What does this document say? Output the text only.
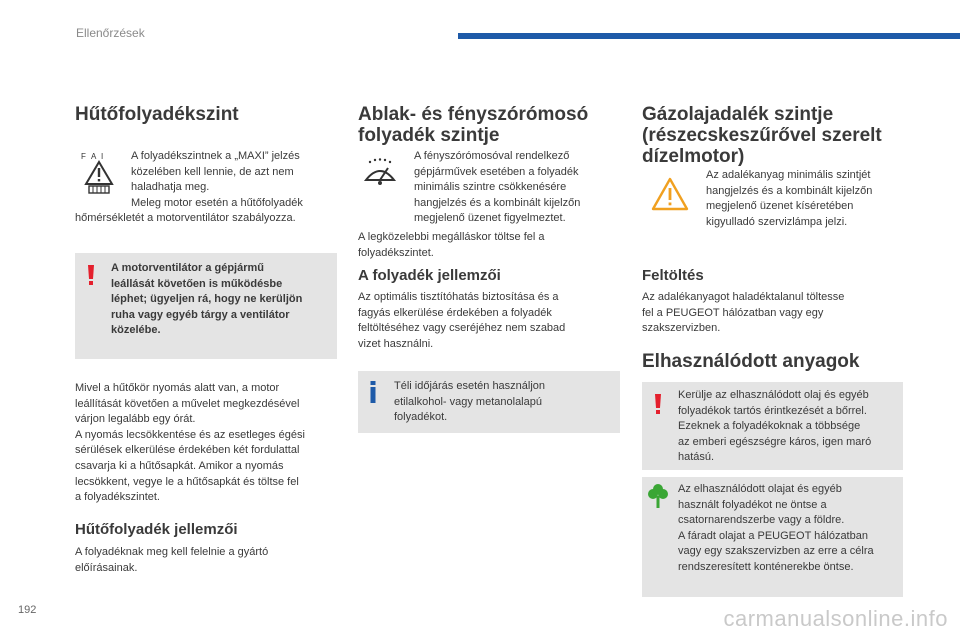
Ellenőrzések
Hűtőfolyadékszint
F A I	A folyadékszintnek a „MAXI” jelzés
közelében kell lennie, de azt nem
haladhatja meg.
Meleg motor esetén a hűtőfolyadék

hőmérsékletét a motorventilátor szabályozza.

A motorventilátor a gépjármű
leállását követően is működésbe
léphet; ügyeljen rá, hogy ne kerüljön
ruha vagy egyéb tárgy a ventilátor
közelébe.

Mivel a hűtőkör nyomás alatt van, a motor
leállítását követően a művelet megkezdésével
várjon legalább egy órát.
A nyomás lecsökkentése és az esetleges égési
sérülések elkerülése érdekében két fordulattal
csavarja ki a hűtősapkát. Amikor a nyomás
lecsökkent, vegye le a hűtősapkát és töltse fel
a folyadékszintet.

Hűtőfolyadék jellemzői

A folyadéknak meg kell felelnie a gyártó
előírásainak.

Ablak- és fényszórómosó
folyadék szintje

A fényszórómosóval rendelkező
gépjárművek esetében a folyadék
minimális szintre csökkenésére
hangjelzés és a kombinált kijelzőn
megjelenő üzenet figyelmeztet.

A legközelebbi megálláskor töltse fel a
folyadékszintet.

A folyadék jellemzői

Az optimális tisztítóhatás biztosítása és a
fagyás elkerülése érdekében a folyadék
feltöltéséhez vagy cseréjéhez nem szabad
vizet használni.

Téli időjárás esetén használjon
etilalkohol- vagy metanolalapú
folyadékot.

Gázolajadalék szintje
(részecskeszűrővel szerelt
dízelmotor)

Az adalékanyag minimális szintjét
hangjelzés és a kombinált kijelzőn
megjelenő üzenet kíséretében
kigyulladó szervizlámpa jelzi.

Feltöltés

Az adalékanyagot haladéktalanul töltesse
fel a PEUGEOT hálózatban vagy egy
szakszervizben.

Elhasználódott anyagok

Kerülje az elhasználódott olaj és egyéb
folyadékok tartós érintkezését a bőrrel.
Ezeknek a folyadékoknak a többsége
az emberi egészségre káros, igen maró
hatású.

Az elhasználódott olajat és egyéb
használt folyadékot ne öntse a
csatornarendszerbe vagy a földre.
A fáradt olajat a PEUGEOT hálózatban
vagy egy szakszervizben az erre a célra
rendszeresített konténerekbe öntse.

192	carmanualsonline.info
